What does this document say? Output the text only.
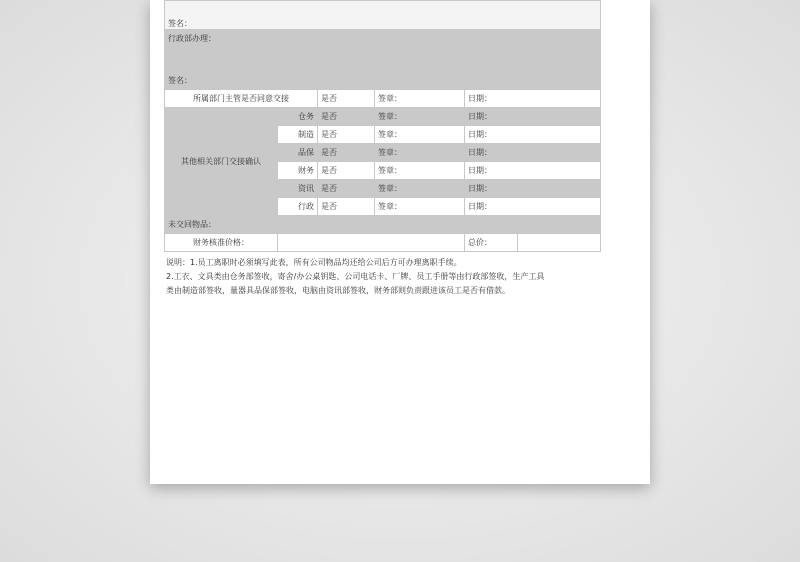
签名：					
行政部办理：					
签名：					
所属部门主管是否同意交接		是否	签章：	日期：	
其他相关部门交接确认	仓务	是否	签章：	日期：	
	制造	是否	签章：	日期：	
	品保	是否	签章：	日期：	
	财务	是否	签章：	日期：	
	资讯	是否	签章：	日期：	
	行政	是否	签章：	日期：	
未交回物品：					
财务核准价格：				总价：	
说明：1.员工离职时必须填写此表，所有公司物品均还给公司后方可办理离职手续。
2.工衣、文具类由仓务部签收，寄舍/办公桌钥匙、公司电话卡、厂牌、员工手册等由行政部签收，生产工具
类由制造部签收，量器具品保部签收，电脑由资讯部签收，财务部则负责跟进该员工是否有借款。
